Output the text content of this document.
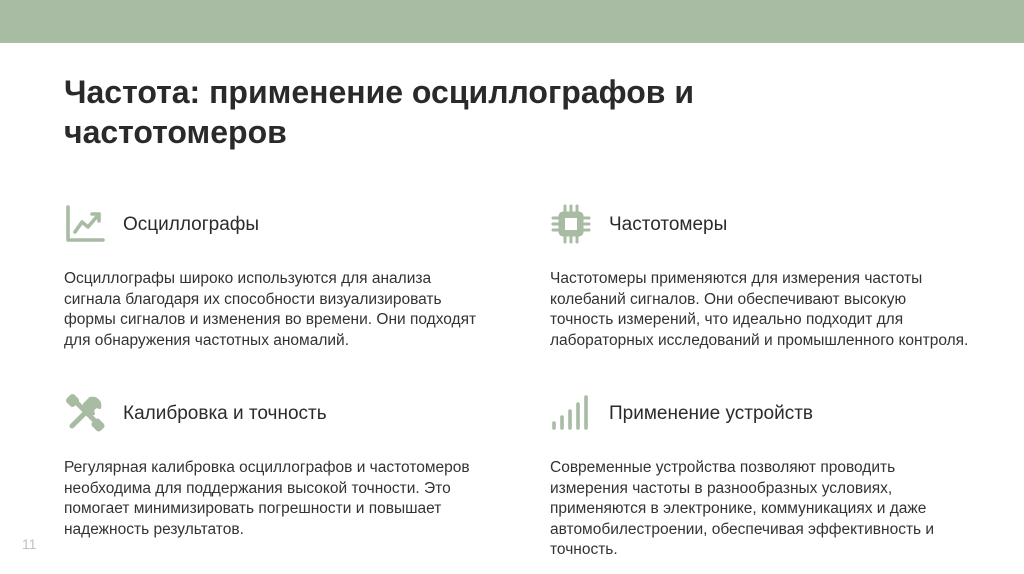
Частота: применение осциллографов и частотомеров
Осциллографы

Осциллографы широко используются для анализа сигнала благодаря их способности визуализировать формы сигналов и изменения во времени. Они подходят для обнаружения частотных аномалий.

Частотомеры

Частотомеры применяются для измерения частоты колебаний сигналов. Они обеспечивают высокую точность измерений, что идеально подходит для лабораторных исследований и промышленного контроля.

Калибровка и точность

Регулярная калибровка осциллографов и частотомеров необходима для поддержания высокой точности. Это помогает минимизировать погрешности и повышает надежность результатов.

Применение устройств

Современные устройства позволяют проводить измерения частоты в разнообразных условиях, применяются в электронике, коммуникациях и даже автомобилестроении, обеспечивая эффективность и точность.

11
